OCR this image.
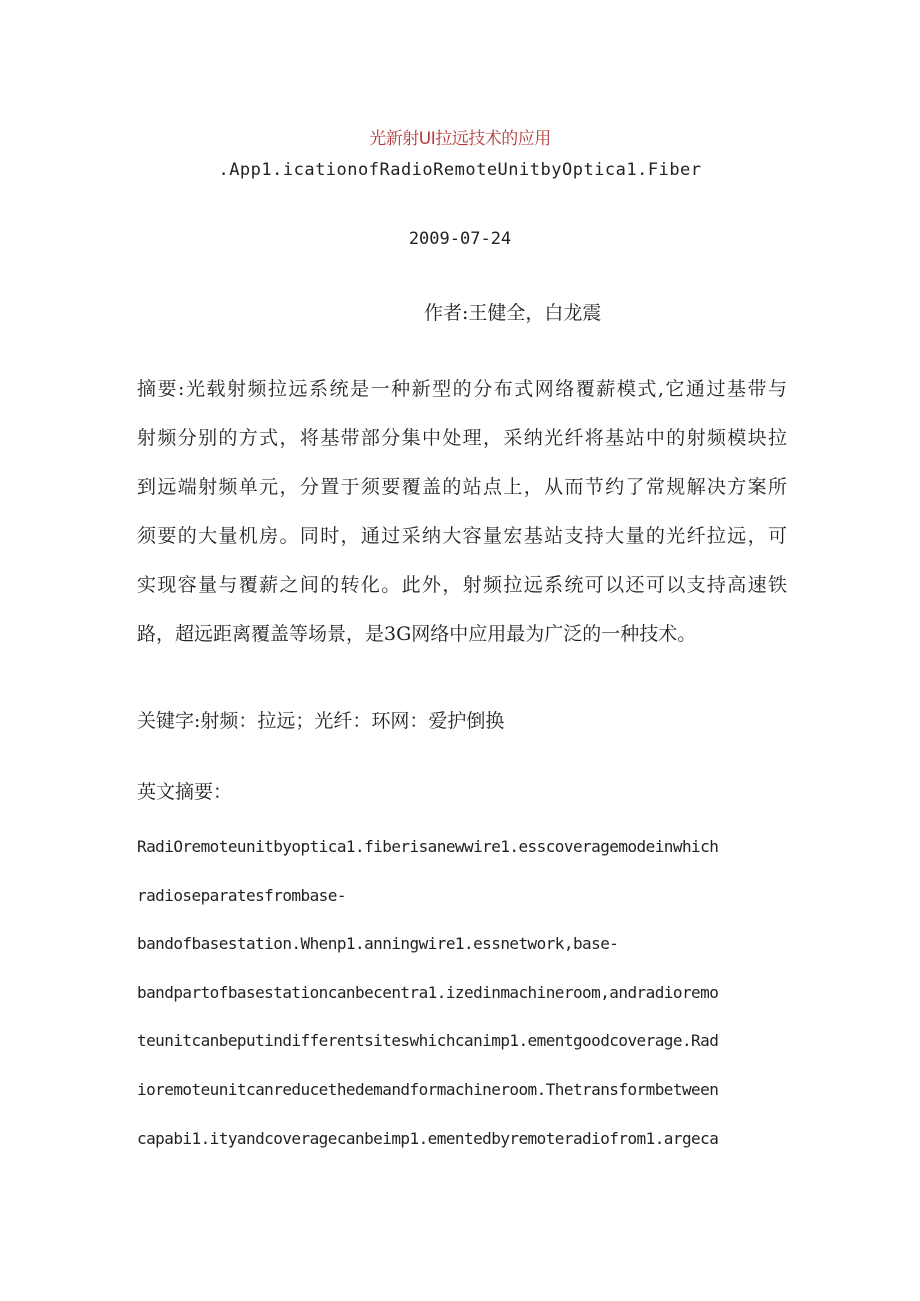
光新射UI拉远技术的应用
.App1.icationofRadioRemoteUnitbyOptica1.Fiber
2009-07-24
作者:王健全，白龙震
摘要:光载射频拉远系统是一种新型的分布式网络覆薪模式,它通过基带与
射频分别的方式，将基带部分集中处理，采纳光纤将基站中的射频模块拉
到远端射频单元，分置于须要覆盖的站点上，从而节约了常规解决方案所
须要的大量机房。同时，通过采纳大容量宏基站支持大量的光纤拉远，可
实现容量与覆薪之间的转化。此外，射频拉远系统可以还可以支持高速铁
路，超远距离覆盖等场景，是3G网络中应用最为广泛的一种技术。
关键字:射频：拉远；光纤：环网：爱护倒换
英文摘要：
RadiOremoteunitbyoptica1.fiberisanewwire1.esscoveragemodeinwhich
radioseparatesfrombase-
bandofbasestation.Whenp1.anningwire1.essnetwork,base-
bandpartofbasestationcanbecentra1.izedinmachineroom,andradioremo
teunitcanbeputindifferentsiteswhichcanimp1.ementgoodcoverage.Rad
ioremoteunitcanreducethedemandformachineroom.Thetransformbetween
capabi1.ityandcoveragecanbeimp1.ementedbyremoteradiofrom1.argeca
